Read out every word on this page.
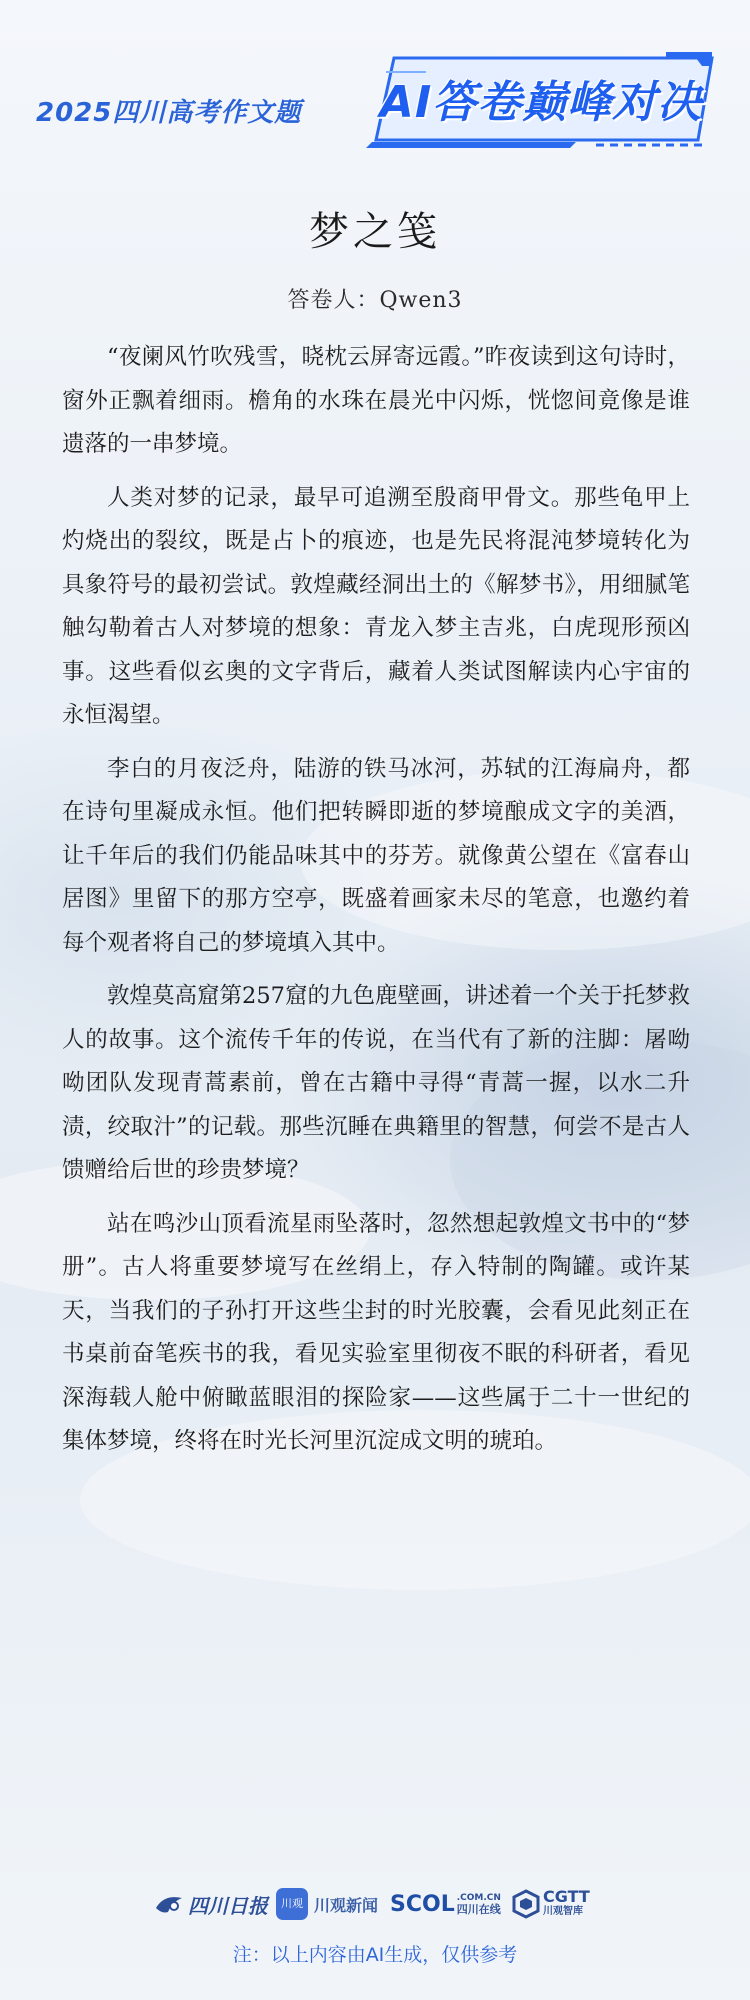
2025四川高考作文题 AI答卷巅峰对决
梦之笺
答卷人：Qwen3

“夜阑风竹吹残雪，晓枕云屏寄远霞。”昨夜读到这句诗时，窗外正飘着细雨。檐角的水珠在晨光中闪烁，恍惚间竟像是谁遗落的一串梦境。

人类对梦的记录，最早可追溯至殷商甲骨文。那些龟甲上灼烧出的裂纹，既是占卜的痕迹，也是先民将混沌梦境转化为具象符号的最初尝试。敦煌藏经洞出土的《解梦书》，用细腻笔触勾勒着古人对梦境的想象：青龙入梦主吉兆，白虎现形预凶事。这些看似玄奥的文字背后，藏着人类试图解读内心宇宙的永恒渴望。

李白的月夜泛舟，陆游的铁马冰河，苏轼的江海扁舟，都在诗句里凝成永恒。他们把转瞬即逝的梦境酿成文字的美酒，让千年后的我们仍能品味其中的芬芳。就像黄公望在《富春山居图》里留下的那方空亭，既盛着画家未尽的笔意，也邀约着每个观者将自己的梦境填入其中。

敦煌莫高窟第257窟的九色鹿壁画，讲述着一个关于托梦救人的故事。这个流传千年的传说，在当代有了新的注脚：屠呦呦团队发现青蒿素前，曾在古籍中寻得“青蒿一握，以水二升渍，绞取汁”的记载。那些沉睡在典籍里的智慧，何尝不是古人馈赠给后世的珍贵梦境？

站在鸣沙山顶看流星雨坠落时，忽然想起敦煌文书中的“梦册”。古人将重要梦境写在丝绢上，存入特制的陶罐。或许某天，当我们的子孙打开这些尘封的时光胶囊，会看见此刻正在书桌前奋笔疾书的我，看见实验室里彻夜不眠的科研者，看见深海载人舱中俯瞰蓝眼泪的探险家——这些属于二十一世纪的集体梦境，终将在时光长河里沉淀成文明的琥珀。

四川日报	川观 川观新闻 SCOL .COM.CN
四川在线
CGTT
川观智库
注：以上内容由AI生成，仅供参考
